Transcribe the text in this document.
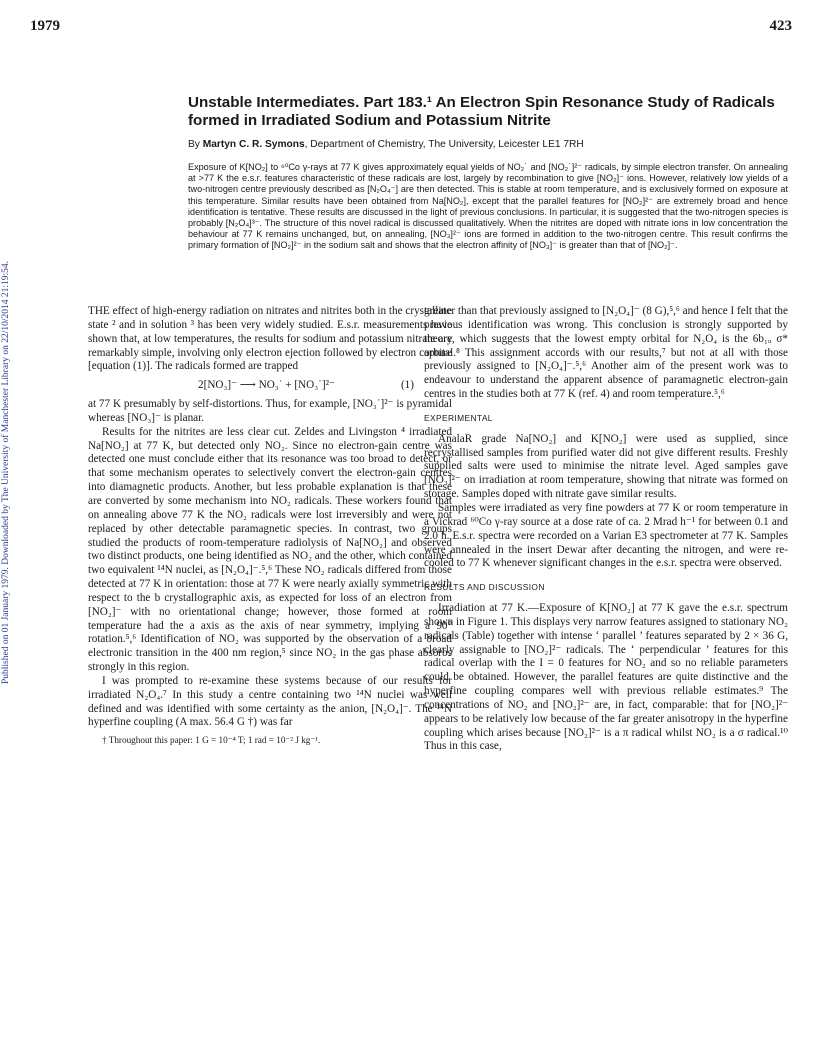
1979	423
Published on 01 January 1979. Downloaded by The University of Manchester Library on 22/10/2014 21:19:54.
Unstable Intermediates. Part 183.¹ An Electron Spin Resonance Study of Radicals formed in Irradiated Sodium and Potassium Nitrite
By Martyn C. R. Symons, Department of Chemistry, The University, Leicester LE1 7RH
Exposure of K[NO₂] to ⁶⁰Co γ-rays at 77 K gives approximately equal yields of NO₂˙ and [NO₂˙]²⁻ radicals, by simple electron transfer. On annealing at >77 K the e.s.r. features characteristic of these radicals are lost, largely by recombination to give [NO₂]⁻ ions. However, relatively low yields of a two-nitrogen centre previously described as [N₂O₄⁻] are then detected. This is stable at room temperature, and is exclusively formed on exposure at this temperature. Similar results have been obtained from Na[NO₂], except that the parallel features for [NO₂]²⁻ are extremely broad and hence identification is tentative. These results are discussed in the light of previous conclusions. In particular, it is suggested that the two-nitrogen species is probably [N₂O₄]³⁻. The structure of this novel radical is discussed qualitatively. When the nitrites are doped with nitrate ions in low concentration the behaviour at 77 K remains unchanged, but, on annealing, [NO₃]²⁻ ions are formed in addition to the two-nitrogen centre. This result confirms the primary formation of [NO₂]²⁻ in the sodium salt and shows that the electron affinity of [NO₃]⁻ is greater than that of [NO₂]⁻.

THE effect of high-energy radiation on nitrates and nitrites both in the crystalline state ² and in solution ³ has been very widely studied. E.s.r. measurements have shown that, at low temperatures, the results for sodium and potassium nitrate are remarkably simple, involving only electron ejection followed by electron capture [equation (1)]. The radicals formed are trapped

2[NO₃]⁻ ⟶ NO₃˙ + [NO₃˙]²⁻	(1)

at 77 K presumably by self-distortions. Thus, for example, [NO₃˙]²⁻ is pyramidal whereas [NO₃]⁻ is planar.

Results for the nitrites are less clear cut. Zeldes and Livingston ⁴ irradiated Na[NO₂] at 77 K, but detected only NO₂. Since no electron-gain centre was detected one must conclude either that its resonance was too broad to detect, or that some mechanism operates to selectively convert the electron-gain centres into diamagnetic products. Another, but less probable explanation is that these are converted by some mechanism into NO₂ radicals. These workers found that on annealing above 77 K the NO₂ radicals were lost irreversibly and were not replaced by other detectable paramagnetic species. In contrast, two groups studied the products of room-temperature radiolysis of Na[NO₂] and observed two distinct products, one being identified as NO₂ and the other, which contained two equivalent ¹⁴N nuclei, as [N₂O₄]⁻.⁵,⁶ These NO₂ radicals differed from those detected at 77 K in orientation: those at 77 K were nearly axially symmetric with respect to the b crystallographic axis, as expected for loss of an electron from [NO₂]⁻ with no orientational change; however, those formed at room temperature had the a axis as the axis of near symmetry, implying a 90° rotation.⁵,⁶ Identification of NO₂ was supported by the observation of a broad electronic transition in the 400 nm region,⁵ since NO₂ in the gas phase absorbs strongly in this region.

I was prompted to re-examine these systems because of our results for irradiated N₂O₄.⁷ In this study a centre containing two ¹⁴N nuclei was well defined and was identified with some certainty as the anion, [N₂O₄]⁻. The ¹⁴N hyperfine coupling (A max. 56.4 G †) was far

† Throughout this paper: 1 G = 10⁻⁴ T; 1 rad = 10⁻² J kg⁻¹.

greater than that previously assigned to [N₂O₄]⁻ (8 G),⁵,⁶ and hence I felt that the previous identification was wrong. This conclusion is strongly supported by theory, which suggests that the lowest empty orbital for N₂O₄ is the 6b₁ᵤ σ* orbital.⁸ This assignment accords with our results,⁷ but not at all with those previously assigned to [N₂O₄]⁻.⁵,⁶ Another aim of the present work was to endeavour to understand the apparent absence of paramagnetic electron-gain centres in the studies both at 77 K (ref. 4) and room temperature.⁵,⁶

EXPERIMENTAL

AnalaR grade Na[NO₂] and K[NO₂] were used as supplied, since recrystallised samples from purified water did not give different results. Freshly supplied salts were used to minimise the nitrate level. Aged samples gave [NO₃]²⁻ on irradiation at room temperature, showing that nitrate was formed on storage. Samples doped with nitrate gave similar results.

Samples were irradiated as very fine powders at 77 K or room temperature in a Vickrad ⁶⁰Co γ-ray source at a dose rate of ca. 2 Mrad h⁻¹ for between 0.1 and 2.0 h. E.s.r. spectra were recorded on a Varian E3 spectrometer at 77 K. Samples were annealed in the insert Dewar after decanting the nitrogen, and were re-cooled to 77 K whenever significant changes in the e.s.r. spectra were observed.

RESULTS AND DISCUSSION

Irradiation at 77 K.—Exposure of K[NO₂] at 77 K gave the e.s.r. spectrum shown in Figure 1. This displays very narrow features assigned to stationary NO₂ radicals (Table) together with intense ‘ parallel ’ features separated by 2 × 36 G, clearly assignable to [NO₂]²⁻ radicals. The ‘ perpendicular ’ features for this radical overlap with the I = 0 features for NO₂ and so no reliable parameters could be obtained. However, the parallel features are quite distinctive and the hyperfine coupling compares well with previous reliable estimates.⁹ The concentrations of NO₂ and [NO₂]²⁻ are, in fact, comparable: that for [NO₂]²⁻ appears to be relatively low because of the far greater anisotropy in the hyperfine coupling which arises because [NO₂]²⁻ is a π radical whilst NO₂ is a σ radical.¹⁰ Thus in this case,
